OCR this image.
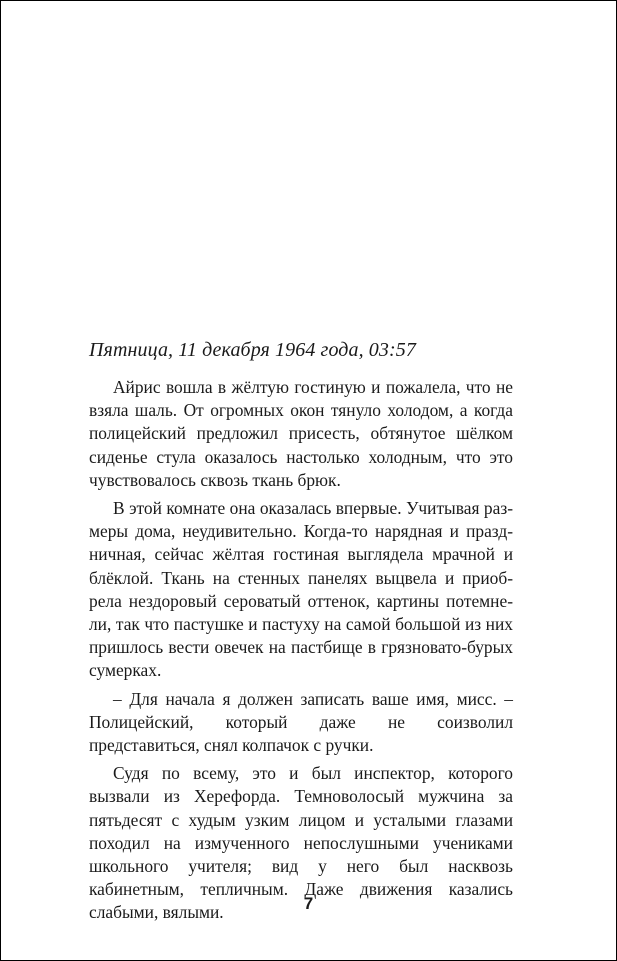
Пятница, 11 декабря 1964 года, 03:57

Айрис вошла в жёлтую гостиную и пожалела, что не взяла шаль. От огромных окон тянуло холодом, а когда полицейский предложил присесть, обтянутое шёлком сиденье стула оказалось настолько холодным, что это чувствовалось сквозь ткань брюк.

В этой комнате она оказалась впервые. Учитывая размеры дома, неудивительно. Когда-то нарядная и праздничная, сейчас жёлтая гостиная выглядела мрачной и блёклой. Ткань на стенных панелях выцвела и приобрела нездоровый сероватый оттенок, картины потемнели, так что пастушке и пастуху на самой большой из них пришлось вести овечек на пастбище в грязновато-бурых сумерках.

– Для начала я должен записать ваше имя, мисс. – Полицейский, который даже не соизволил представиться, снял колпачок с ручки.

Судя по всему, это и был инспектор, которого вызвали из Херефорда. Темноволосый мужчина за пятьдесят с худым узким лицом и усталыми глазами походил на измученного непослушными учениками школьного учителя; вид у него был насквозь кабинетным, тепличным. Даже движения казались слабыми, вялыми.	7
